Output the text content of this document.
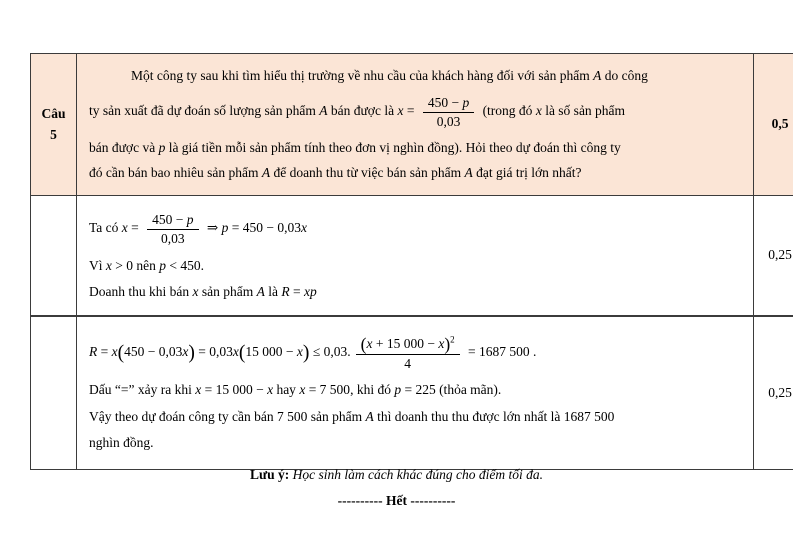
Câu
5

Một công ty sau khi tìm hiểu thị trường về nhu cầu của khách hàng đối với sản phẩm A do công
ty sản xuất đã dự đoán số lượng sản phẩm A bán được là $x = \frac{450 - p}{0,03}$ (trong đó x là số sản phẩm
bán được và p là giá tiền mỗi sản phẩm tính theo đơn vị nghìn đồng). Hỏi theo dự đoán thì công ty
đó cần bán bao nhiêu sản phẩm A để doanh thu từ việc bán sản phẩm A đạt giá trị lớn nhất?
	0,5

Ta có $x = \frac{450 - p}{0,03}$ ⇒ p = 450 − 0,03x
Vì x > 0 nên p < 450.
Doanh thu khi bán x sản phẩm A là R = xp
	0,25

R = x(450 − 0,03x) = 0,03x(15 000 − x) ≤ 0,03. $\frac{(x + 15 000 - x)^2}{4} = 1687$ 500 .
Dấu “=” xảy ra khi x = 15 000 − x hay x = 7 500, khi đó p = 225 (thỏa mãn).
Vậy theo dự đoán công ty cần bán 7 500 sản phẩm A thì doanh thu thu được lớn nhất là 1687 500
nghìn đồng.
	0,25
Lưu ý: Học sinh làm cách khác đúng cho điểm tối đa.
---------- Hết ----------
